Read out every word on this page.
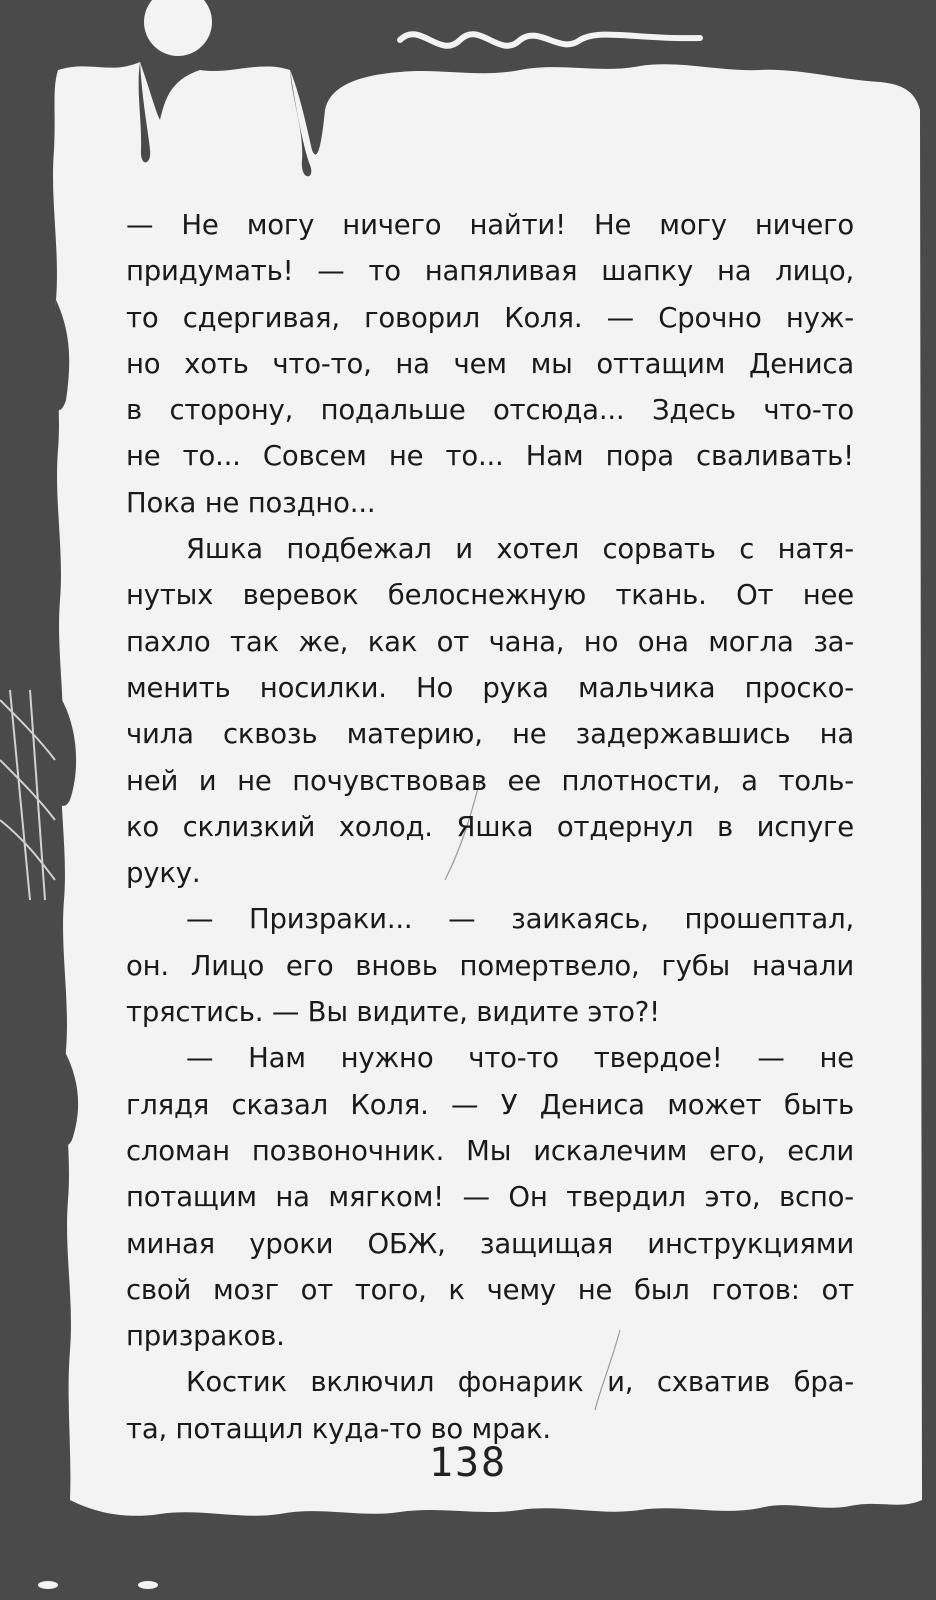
— Не могу ничего найти! Не могу ничего
придумать! — то напяливая шапку на лицо,
то сдергивая, говорил Коля. — Срочно нуж-
но хоть что-то, на чем мы оттащим Дениса
в сторону, подальше отсюда... Здесь что-то
не то... Совсем не то... Нам пора сваливать!
Пока не поздно...
Яшка подбежал и хотел сорвать с натя-
нутых веревок белоснежную ткань. От нее
пахло так же, как от чана, но она могла за-
менить носилки. Но рука мальчика проско-
чила сквозь материю, не задержавшись на
ней и не почувствовав ее плотности, а толь-
ко склизкий холод. Яшка отдернул в испуге
руку.
— Призраки... — заикаясь, прошептал,
он. Лицо его вновь помертвело, губы начали
трястись. — Вы видите, видите это?!
— Нам нужно что-то твердое! — не
глядя сказал Коля. — У Дениса может быть
сломан позвоночник. Мы искалечим его, если
потащим на мягком! — Он твердил это, вспо-
миная уроки ОБЖ, защищая инструкциями
свой мозг от того, к чему не был готов: от
призраков.
Костик включил фонарик и, схватив бра-
та, потащил куда-то во мрак.
138
